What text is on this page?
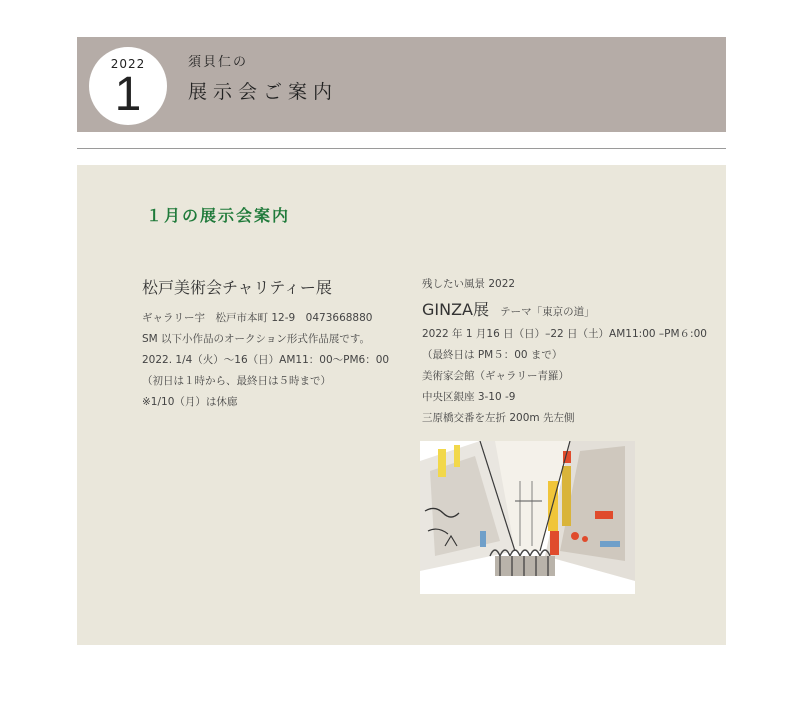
2022
1
須貝仁の
展示会ご案内
１月の展示会案内
松戸美術会チャリティー展
ギャラリー宇　松戸市本町 12-9　0473668880
SM 以下小作品のオークション形式作品展です。
2022. 1/4（火）〜16（日）AM11：00〜PM6：00
（初日は１時から、最終日は５時まで）
※1/10（月）は休廊
残したい風景 2022
GINZA展 テーマ「東京の道」
2022 年 1 月16 日（日）–22 日（土）AM11:00 –PM６:00
（最終日は PM５：00 まで）
美術家会館（ギャラリー青羅）
中央区銀座 3-10 -9
三原橋交番を左折 200m 先左側
